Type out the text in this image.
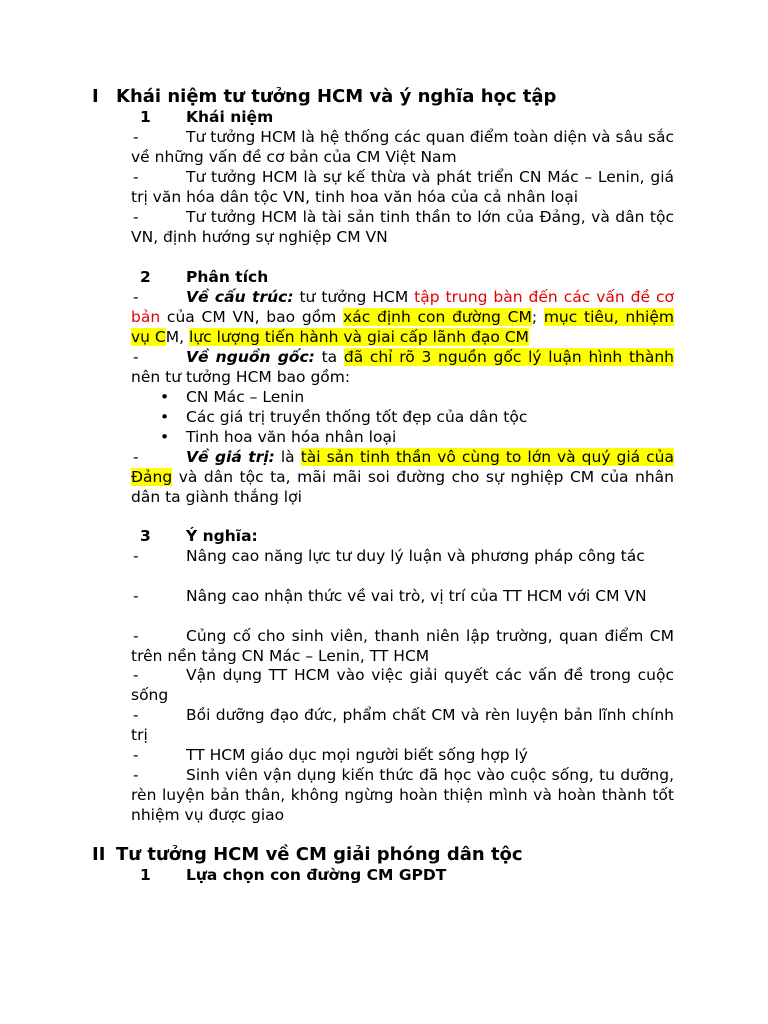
I Khái niệm tư tưởng HCM và ý nghĩa học tập
1 Khái niệm
-	Tư tưởng HCM là hệ thống các quan điểm toàn diện và sâu sắc về những vấn đề cơ bản của CM Việt Nam
-	Tư tưởng HCM là sự kế thừa và phát triển CN Mác – Lenin, giá trị văn hóa dân tộc VN, tinh hoa văn hóa của cả nhân loại
-	Tư tưởng HCM là tài sản tinh thần to lớn của Đảng, và dân tộc VN, định hướng sự nghiệp CM VN
2 Phân tích
-	Về cấu trúc: tư tưởng HCM tập trung bàn đến các vấn đề cơ bản của CM VN, bao gồm xác định con đường CM; mục tiêu, nhiệm vụ CM, lực lượng tiến hành và giai cấp lãnh đạo CM
-	Về nguồn gốc: ta đã chỉ rõ 3 nguồn gốc lý luận hình thành nên tư tưởng HCM bao gồm:
• CN Mác – Lenin
• Các giá trị truyền thống tốt đẹp của dân tộc
• Tinh hoa văn hóa nhân loại
-	Về giá trị: là tài sản tinh thần vô cùng to lớn và quý giá của Đảng và dân tộc ta, mãi mãi soi đường cho sự nghiệp CM của nhân dân ta giành thắng lợi
3 Ý nghĩa:
-	Nâng cao năng lực tư duy lý luận và phương pháp công tác
-	Nâng cao nhận thức về vai trò, vị trí của TT HCM với CM VN
-	Củng cố cho sinh viên, thanh niên lập trường, quan điểm CM trên nền tảng CN Mác – Lenin, TT HCM
-	Vận dụng TT HCM vào việc giải quyết các vấn đề trong cuộc sống
-	Bồi dưỡng đạo đức, phẩm chất CM và rèn luyện bản lĩnh chính trị
-	TT HCM giáo dục mọi người biết sống hợp lý
-	Sinh viên vận dụng kiến thức đã học vào cuộc sống, tu dưỡng, rèn luyện bản thân, không ngừng hoàn thiện mình và hoàn thành tốt nhiệm vụ được giao
II Tư tưởng HCM về CM giải phóng dân tộc
1 Lựa chọn con đường CM GPDT
